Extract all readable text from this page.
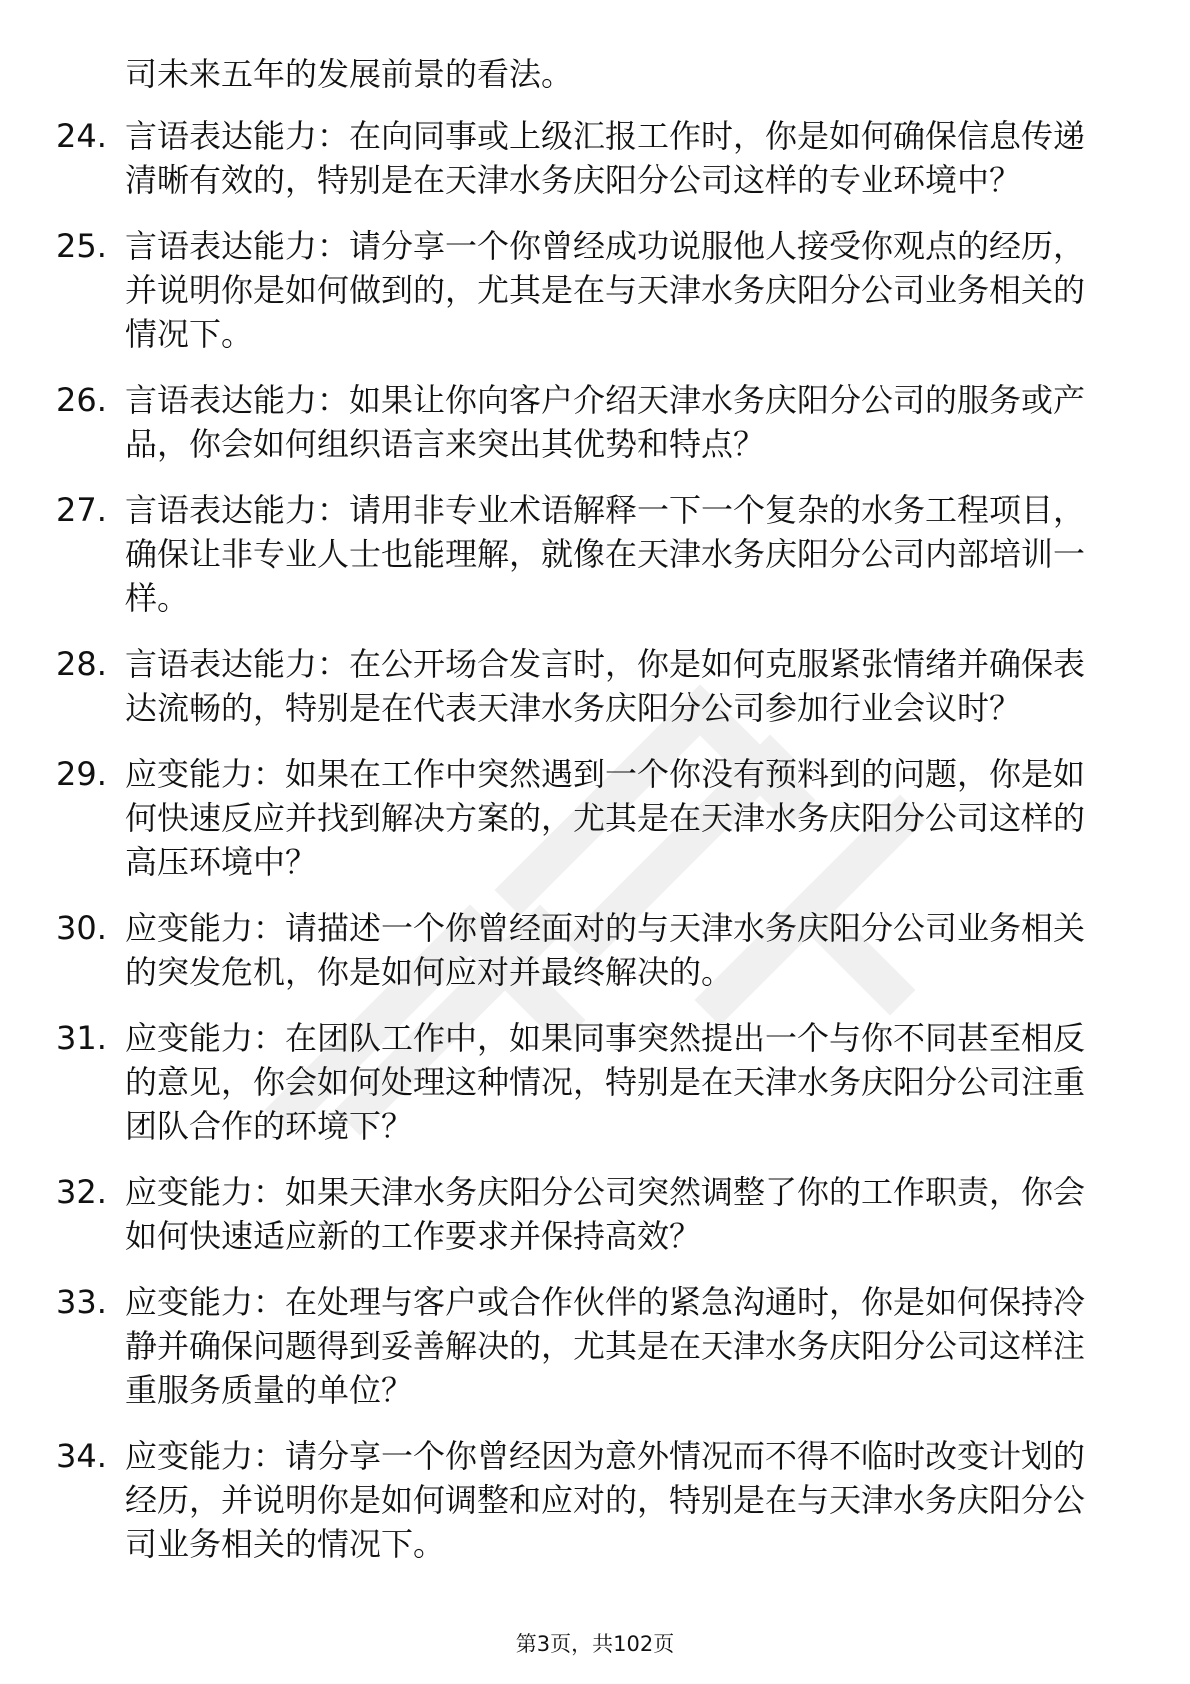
司未来五年的发展前景的看法。
24. 言语表达能力：在向同事或上级汇报工作时，你是如何确保信息传递清晰有效的，特别是在天津水务庆阳分公司这样的专业环境中？
25. 言语表达能力：请分享一个你曾经成功说服他人接受你观点的经历，并说明你是如何做到的，尤其是在与天津水务庆阳分公司业务相关的情况下。
26. 言语表达能力：如果让你向客户介绍天津水务庆阳分公司的服务或产品，你会如何组织语言来突出其优势和特点？
27. 言语表达能力：请用非专业术语解释一下一个复杂的水务工程项目，确保让非专业人士也能理解，就像在天津水务庆阳分公司内部培训一样。
28. 言语表达能力：在公开场合发言时，你是如何克服紧张情绪并确保表达流畅的，特别是在代表天津水务庆阳分公司参加行业会议时？
29. 应变能力：如果在工作中突然遇到一个你没有预料到的问题，你是如何快速反应并找到解决方案的，尤其是在天津水务庆阳分公司这样的高压环境中？
30. 应变能力：请描述一个你曾经面对的与天津水务庆阳分公司业务相关的突发危机，你是如何应对并最终解决的。
31. 应变能力：在团队工作中，如果同事突然提出一个与你不同甚至相反的意见，你会如何处理这种情况，特别是在天津水务庆阳分公司注重团队合作的环境下？
32. 应变能力：如果天津水务庆阳分公司突然调整了你的工作职责，你会如何快速适应新的工作要求并保持高效？
33. 应变能力：在处理与客户或合作伙伴的紧急沟通时，你是如何保持冷静并确保问题得到妥善解决的，尤其是在天津水务庆阳分公司这样注重服务质量的单位？
34. 应变能力：请分享一个你曾经因为意外情况而不得不临时改变计划的经历，并说明你是如何调整和应对的，特别是在与天津水务庆阳分公司业务相关的情况下。
第3页，共102页
